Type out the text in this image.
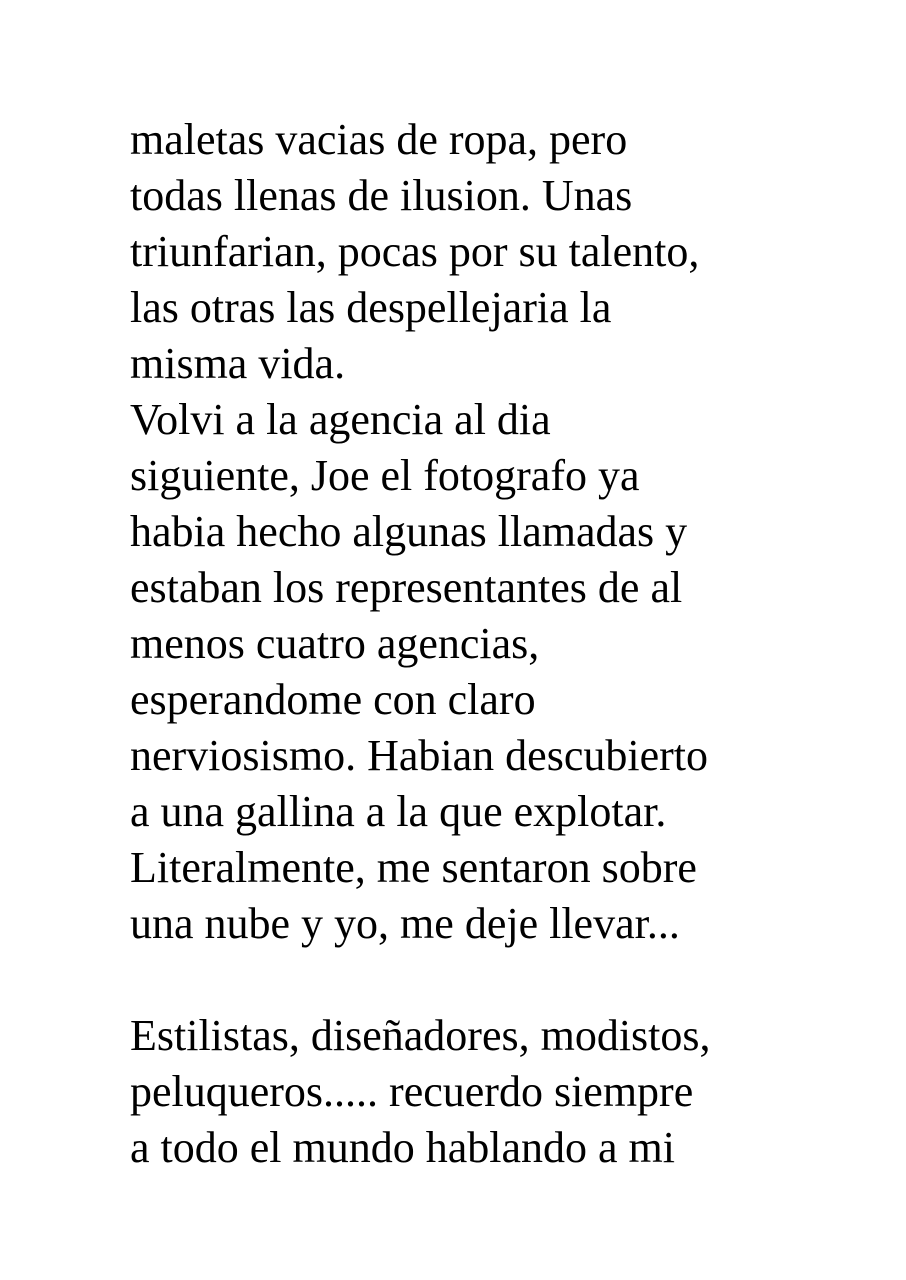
maletas vacias de ropa, pero
todas llenas de ilusion. Unas
triunfarian, pocas por su talento,
las otras las despellejaria la
misma vida.
Volvi a la agencia al dia
siguiente, Joe el fotografo ya
habia hecho algunas llamadas y
estaban los representantes de al
menos cuatro agencias,
esperandome con claro
nerviosismo. Habian descubierto
a una gallina a la que explotar.
Literalmente, me sentaron sobre
una nube y yo, me deje llevar...
Estilistas, diseñadores, modistos,
peluqueros..... recuerdo siempre
a todo el mundo hablando a mi
